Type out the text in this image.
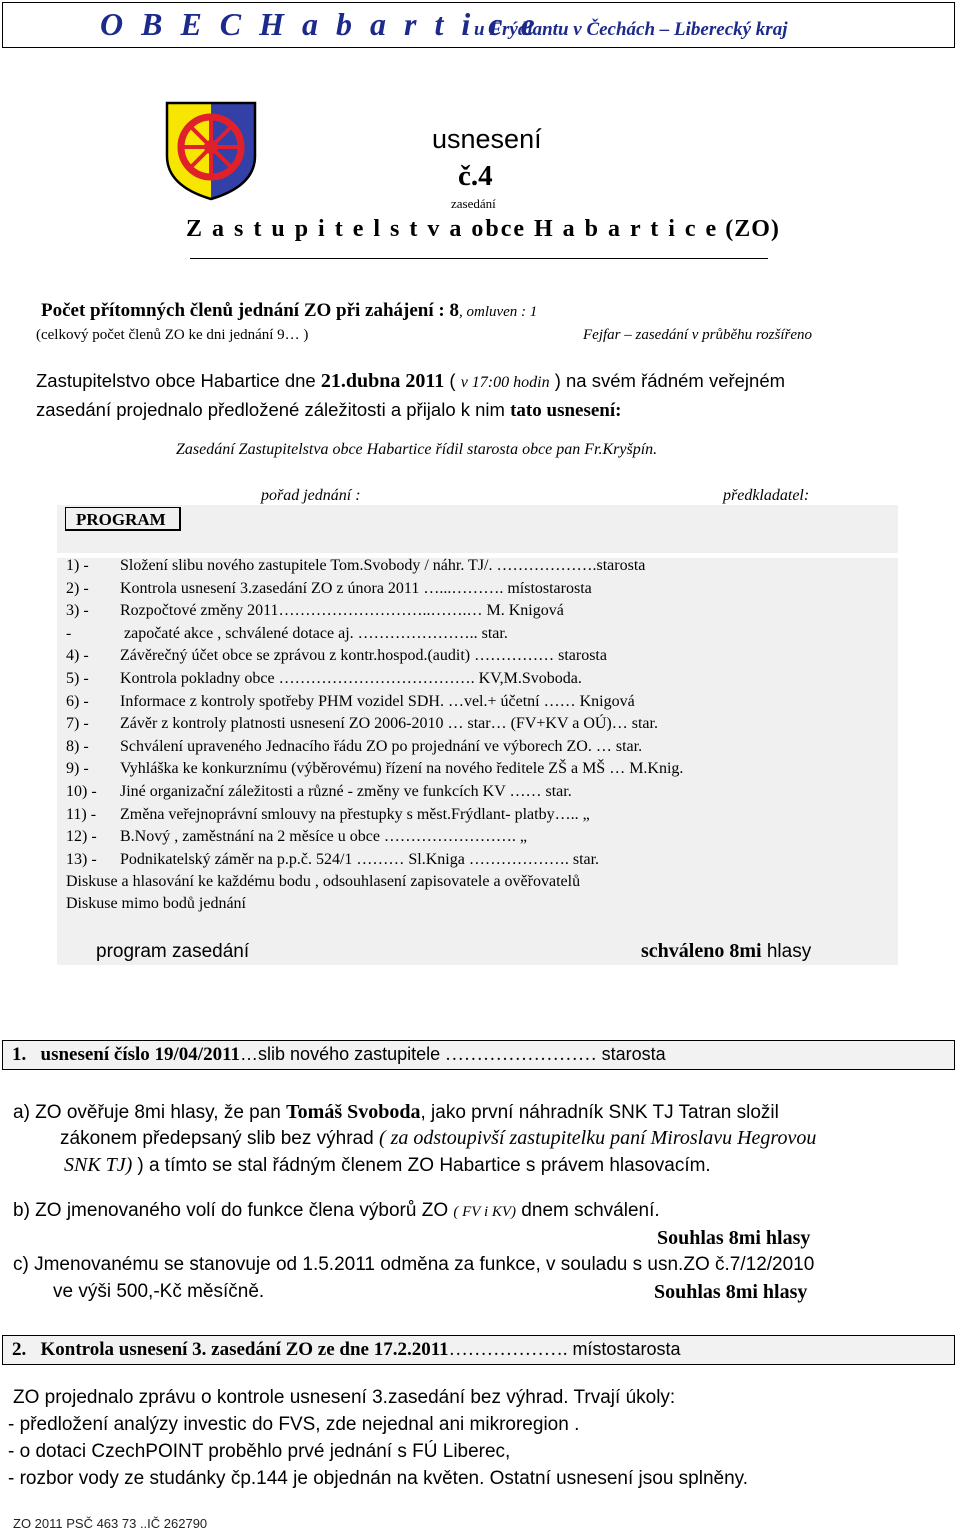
O B E C H a b a r t i c e
u Frýdlantu v Čechách – Liberecký kraj
usnesení
č.4
zasedání
Z a s t u p i t e l s t v a obce H a b a r t i c e (ZO)
Počet přítomných členů jednání ZO při zahájení : 8, omluven : 1
(celkový počet členů ZO ke dni jednání 9… )	Fejfar – zasedání v průběhu rozšířeno
Zastupitelstvo obce Habartice dne 21.dubna 2011 ( v 17:00 hodin ) na svém řádném veřejném
zasedání projednalo předložené záležitosti a přijalo k nim tato usnesení:
Zasedání Zastupitelstva obce Habartice řídil starosta obce pan Fr.Kryšpín.
pořad jednání :	předkladatel:
PROGRAM
1) - Složení slibu nového zastupitele Tom.Svobody / náhr. TJ/. ……………….starosta
2) - Kontrola usnesení 3.zasedání ZO z února 2011 …...………. místostarosta
3) - Rozpočtové změny 2011………………………..…….… M. Knigová
-	započaté akce , schválené dotace aj. ………………….. star.
4) - Závěrečný účet obce se zprávou z kontr.hospod.(audit) …………… starosta
5) - Kontrola pokladny obce ………………………………. KV,M.Svoboda.
6) - Informace z kontroly spotřeby PHM vozidel SDH. …vel.+ účetní …… Knigová
7) - Závěr z kontroly platnosti usnesení ZO 2006-2010 … star… (FV+KV a OÚ)… star.
8) - Schválení upraveného Jednacího řádu ZO po projednání ve výborech ZO. … star.
9) - Vyhláška ke konkurznímu (výběrovému) řízení na nového ředitele ZŠ a MŠ … M.Knig.
10) - Jiné organizační záležitosti a různé - změny ve funkcích KV …… star.
11) - Změna veřejnoprávní smlouvy na přestupky s měst.Frýdlant- platby….. „
12) - B.Nový , zaměstnání na 2 měsíce u obce ……………………. „
13) - Podnikatelský záměr na p.p.č. 524/1 ……… Sl.Kniga ………………. star.
Diskuse a hlasování ke každému bodu , odsouhlasení zapisovatele a ověřovatelů
Diskuse mimo bodů jednání
program zasedání	schváleno 8mi hlasy
1. usnesení číslo 19/04/2011…slib nového zastupitele …………………… starosta
a) ZO ověřuje 8mi hlasy, že pan Tomáš Svoboda, jako první náhradník SNK TJ Tatran složil
zákonem předepsaný slib bez výhrad ( za odstoupivší zastupitelku paní Miroslavu Hegrovou
SNK TJ) ) a tímto se stal řádným členem ZO Habartice s právem hlasovacím.
b) ZO jmenovaného volí do funkce člena výborů ZO ( FV i KV) dnem schválení.
Souhlas 8mi hlasy
c) Jmenovanému se stanovuje od 1.5.2011 odměna za funkce, v souladu s usn.ZO č.7/12/2010
ve výši 500,-Kč měsíčně.	Souhlas 8mi hlasy
2. Kontrola usnesení 3. zasedání ZO ze dne 17.2.2011………………. místostarosta
ZO projednalo zprávu o kontrole usnesení 3.zasedání bez výhrad. Trvají úkoly:
- předložení analýzy investic do FVS, zde nejednal ani mikroregion .
- o dotaci CzechPOINT proběhlo prvé jednání s FÚ Liberec,
- rozbor vody ze studánky čp.144 je objednán na květen. Ostatní usnesení jsou splněny.
ZO 2011 PSČ 463 73 ..IČ 262790
